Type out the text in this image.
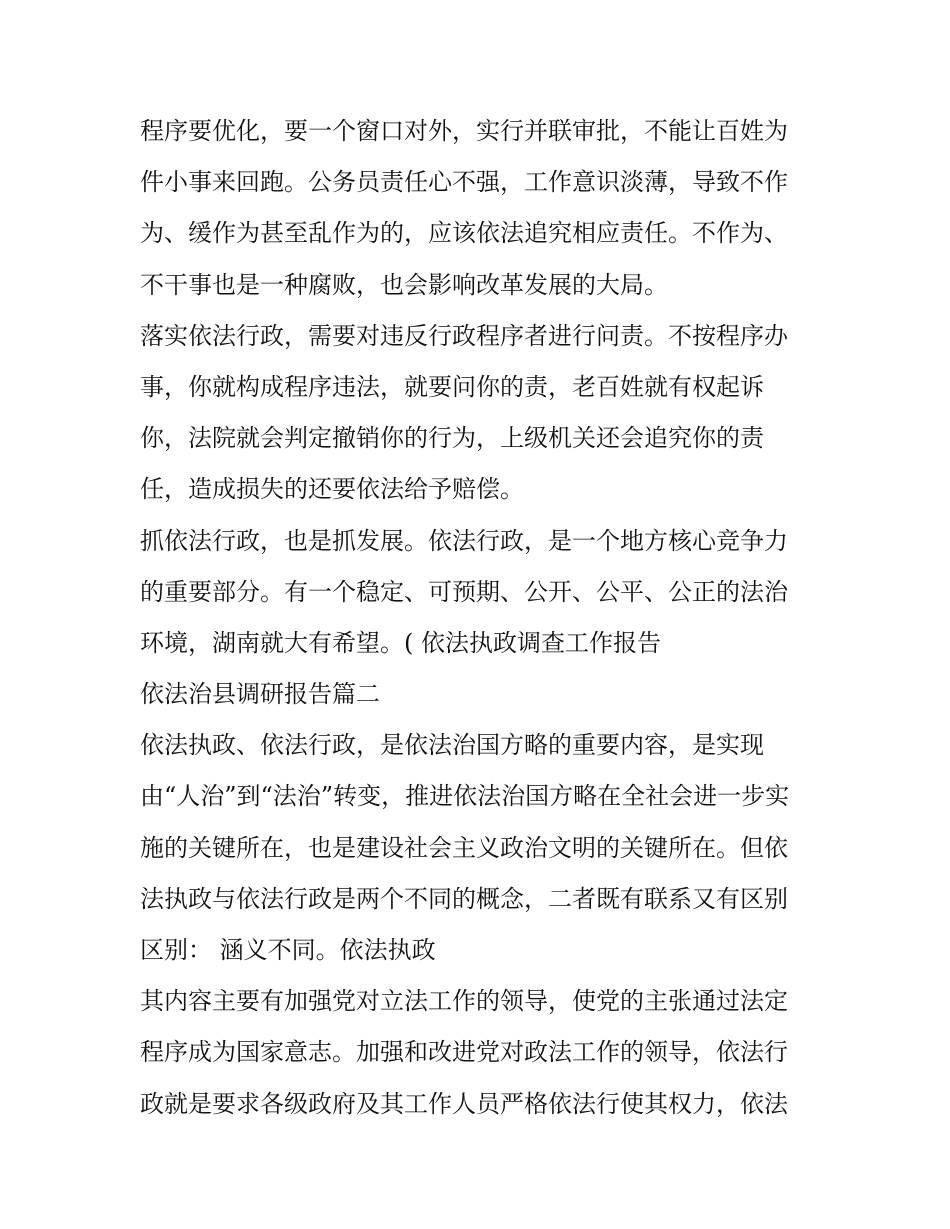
程序要优化，要一个窗口对外，实行并联审批，不能让百姓为
件小事来回跑。公务员责任心不强，工作意识淡薄，导致不作
为、缓作为甚至乱作为的，应该依法追究相应责任。不作为、
不干事也是一种腐败，也会影响改革发展的大局。
落实依法行政，需要对违反行政程序者进行问责。不按程序办
事，你就构成程序违法，就要问你的责，老百姓就有权起诉
你，法院就会判定撤销你的行为，上级机关还会追究你的责
任，造成损失的还要依法给予赔偿。
抓依法行政，也是抓发展。依法行政，是一个地方核心竞争力
的重要部分。有一个稳定、可预期、公开、公平、公正的法治
环境，湖南就大有希望。( 依法执政调查工作报告
依法治县调研报告篇二
依法执政、依法行政，是依法治国方略的重要内容，是实现
由“人治”到“法治”转变，推进依法治国方略在全社会进一步实
施的关键所在，也是建设社会主义政治文明的关键所在。但依
法执政与依法行政是两个不同的概念，二者既有联系又有区别
区别： 涵义不同。依法执政
其内容主要有加强党对立法工作的领导，使党的主张通过法定
程序成为国家意志。加强和改进党对政法工作的领导，依法行
政就是要求各级政府及其工作人员严格依法行使其权力，依法
